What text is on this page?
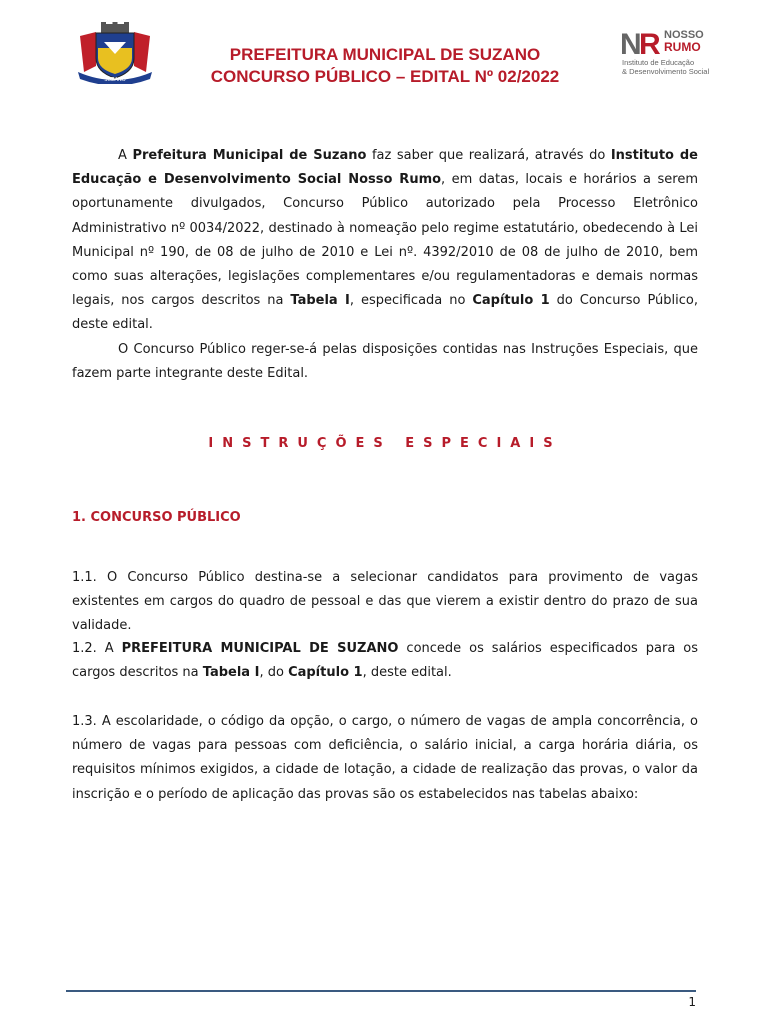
SUZANO
PREFEITURA MUNICIPAL DE SUZANO
CONCURSO PÚBLICO – EDITAL Nº 02/2022
N
R NOSSO
RUMO
Instituto de Educação
& Desenvolvimento Social

A Prefeitura Municipal de Suzano faz saber que realizará, através do Instituto de Educação e Desenvolvimento Social Nosso Rumo, em datas, locais e horários a serem oportunamente divulgados, Concurso Público autorizado pela Processo Eletrônico Administrativo nº 0034/2022, destinado à nomeação pelo regime estatutário, obedecendo à Lei Municipal nº 190, de 08 de julho de 2010 e Lei nº. 4392/2010 de 08 de julho de 2010, bem como suas alterações, legislações complementares e/ou regulamentadoras e demais normas legais, nos cargos descritos na Tabela I, especificada no Capítulo 1 do Concurso Público, deste edital.

O Concurso Público reger-se-á pelas disposições contidas nas Instruções Especiais, que fazem parte integrante deste Edital.

INSTRUÇÕES ESPECIAIS
1. CONCURSO PÚBLICO

1.1. O Concurso Público destina-se a selecionar candidatos para provimento de vagas existentes em cargos do quadro de pessoal e das que vierem a existir dentro do prazo de sua validade.

1.2. A PREFEITURA MUNICIPAL DE SUZANO concede os salários especificados para os cargos descritos na Tabela I, do Capítulo 1, deste edital.

1.3. A escolaridade, o código da opção, o cargo, o número de vagas de ampla concorrência, o número de vagas para pessoas com deficiência, o salário inicial, a carga horária diária, os requisitos mínimos exigidos, a cidade de lotação, a cidade de realização das provas, o valor da inscrição e o período de aplicação das provas são os estabelecidos nas tabelas abaixo:

1
